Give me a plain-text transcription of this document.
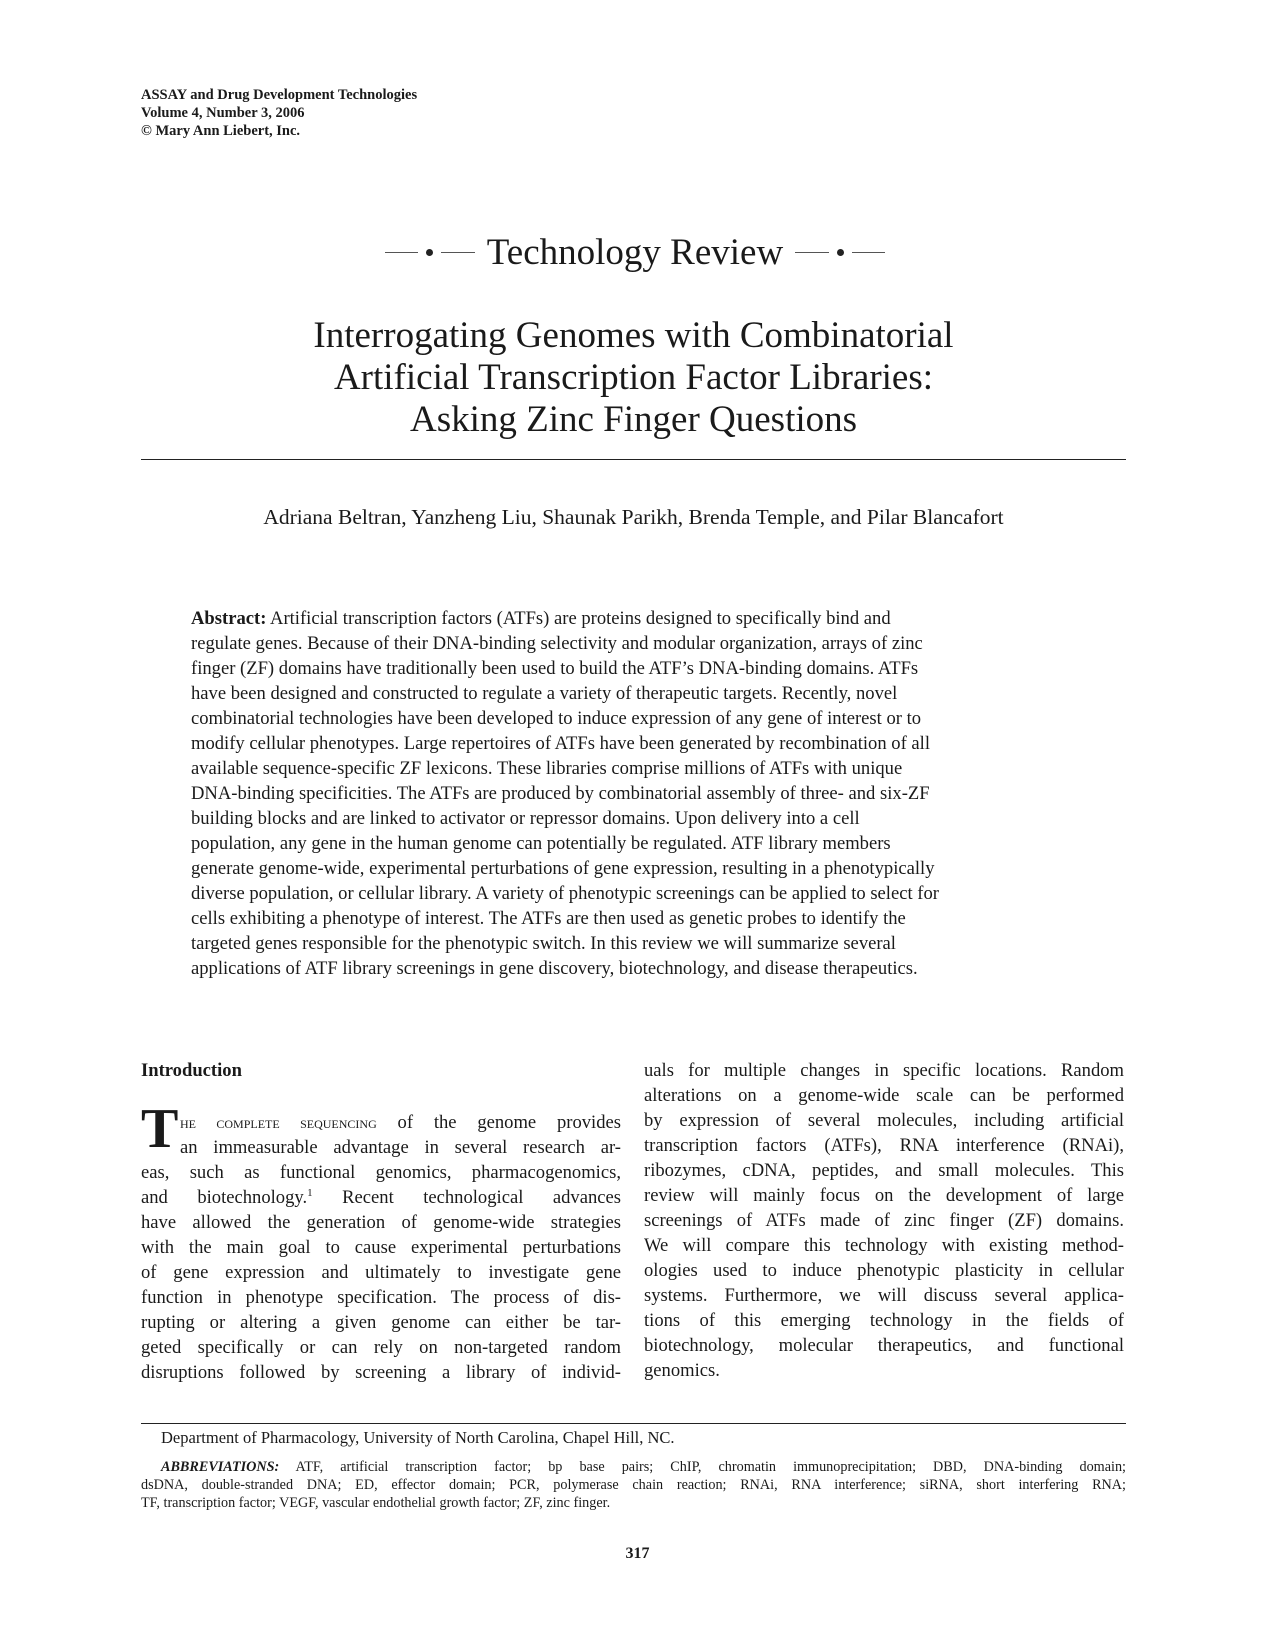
ASSAY and Drug Development Technologies
Volume 4, Number 3, 2006
© Mary Ann Liebert, Inc.
Technology Review
Interrogating Genomes with Combinatorial
Artificial Transcription Factor Libraries:
Asking Zinc Finger Questions
Adriana Beltran, Yanzheng Liu, Shaunak Parikh, Brenda Temple, and Pilar Blancafort
Abstract: Artificial transcription factors (ATFs) are proteins designed to specifically bind and
regulate genes. Because of their DNA-binding selectivity and modular organization, arrays of zinc
finger (ZF) domains have traditionally been used to build the ATF’s DNA-binding domains. ATFs
have been designed and constructed to regulate a variety of therapeutic targets. Recently, novel
combinatorial technologies have been developed to induce expression of any gene of interest or to
modify cellular phenotypes. Large repertoires of ATFs have been generated by recombination of all
available sequence-specific ZF lexicons. These libraries comprise millions of ATFs with unique
DNA-binding specificities. The ATFs are produced by combinatorial assembly of three- and six-ZF
building blocks and are linked to activator or repressor domains. Upon delivery into a cell
population, any gene in the human genome can potentially be regulated. ATF library members
generate genome-wide, experimental perturbations of gene expression, resulting in a phenotypically
diverse population, or cellular library. A variety of phenotypic screenings can be applied to select for
cells exhibiting a phenotype of interest. The ATFs are then used as genetic probes to identify the
targeted genes responsible for the phenotypic switch. In this review we will summarize several
applications of ATF library screenings in gene discovery, biotechnology, and disease therapeutics.
Introduction
T he complete sequencing of the genome provides
an immeasurable advantage in several research ar-
eas, such as functional genomics, pharmacogenomics,
and biotechnology.$^1$ Recent technological advances
have allowed the generation of genome-wide strategies
with the main goal to cause experimental perturbations
of gene expression and ultimately to investigate gene
function in phenotype specification. The process of dis-
rupting or altering a given genome can either be tar-
geted specifically or can rely on non-targeted random
disruptions followed by screening a library of individ-
uals for multiple changes in specific locations. Random
alterations on a genome-wide scale can be performed
by expression of several molecules, including artificial
transcription factors (ATFs), RNA interference (RNAi),
ribozymes, cDNA, peptides, and small molecules. This
review will mainly focus on the development of large
screenings of ATFs made of zinc finger (ZF) domains.
We will compare this technology with existing method-
ologies used to induce phenotypic plasticity in cellular
systems. Furthermore, we will discuss several applica-
tions of this emerging technology in the fields of
biotechnology, molecular therapeutics, and functional
genomics.
Department of Pharmacology, University of North Carolina, Chapel Hill, NC.
ABBREVIATIONS: ATF, artificial transcription factor; bp base pairs; ChIP, chromatin immunoprecipitation; DBD, DNA-binding domain;
dsDNA, double-stranded DNA; ED, effector domain; PCR, polymerase chain reaction; RNAi, RNA interference; siRNA, short interfering RNA;
TF, transcription factor; VEGF, vascular endothelial growth factor; ZF, zinc finger.
317
